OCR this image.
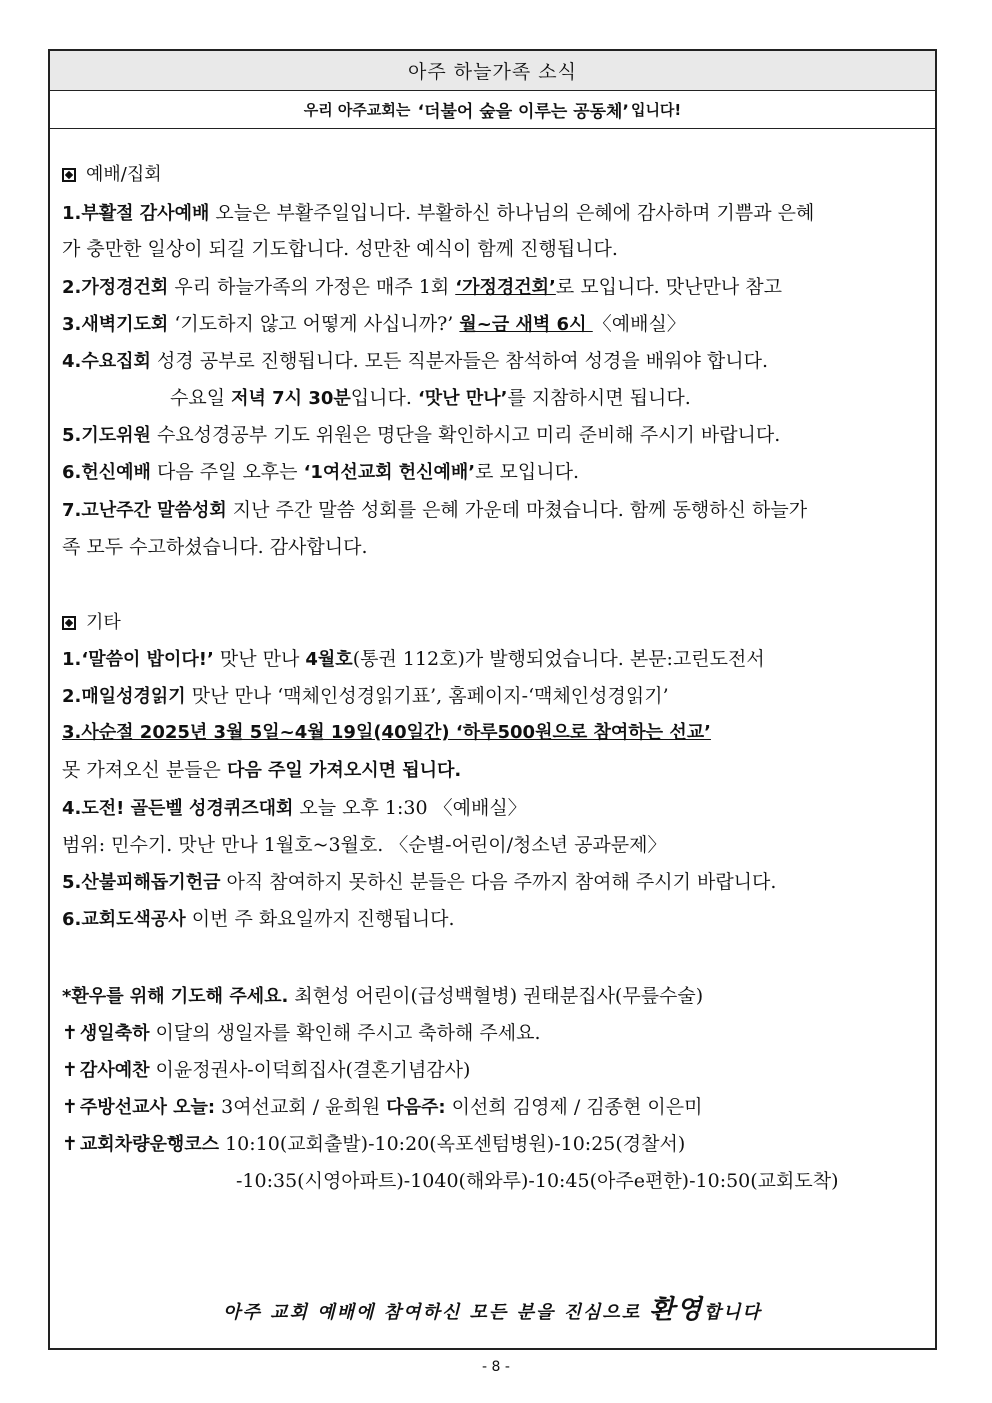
아주 하늘가족 소식
우리 아주교회는
‘더불어 숲을 이루는 공동체’ 입니다!
예배/집회
1.부활절 감사예배 오늘은 부활주일입니다. 부활하신 하나님의 은혜에 감사하며 기쁨과 은혜
가 충만한 일상이 되길 기도합니다. 성만찬 예식이 함께 진행됩니다.
2.가정경건회 우리 하늘가족의 가정은 매주 1회 ‘가정경건회’로 모입니다. 맛난만나 참고
3.새벽기도회 ‘기도하지 않고 어떻게 사십니까?’ 월~금 새벽 6시 〈예배실〉
4.수요집회 성경 공부로 진행됩니다. 모든 직분자들은 참석하여 성경을 배워야 합니다.
수요일 저녁 7시 30분입니다. ‘맛난 만나’를 지참하시면 됩니다.
5.기도위원 수요성경공부 기도 위원은 명단을 확인하시고 미리 준비해 주시기 바랍니다.
6.헌신예배 다음 주일 오후는 ‘1여선교회 헌신예배’로 모입니다.
7.고난주간 말씀성회 지난 주간 말씀 성회를 은혜 가운데 마쳤습니다. 함께 동행하신 하늘가
족 모두 수고하셨습니다. 감사합니다.
기타
1.‘말씀이 밥이다!’ 맛난 만나 4월호(통권 112호)가 발행되었습니다. 본문:고린도전서
2.매일성경읽기 맛난 만나 ‘맥체인성경읽기표’, 홈페이지-‘맥체인성경읽기’
3.사순절 2025년 3월 5일~4월 19일(40일간) ‘하루500원으로 참여하는 선교’
못 가져오신 분들은 다음 주일 가져오시면 됩니다.
4.도전! 골든벨 성경퀴즈대회 오늘 오후 1:30 〈예배실〉
범위: 민수기. 맛난 만나 1월호~3월호. 〈순별-어린이/청소년 공과문제〉
5.산불피해돕기헌금 아직 참여하지 못하신 분들은 다음 주까지 참여해 주시기 바랍니다.
6.교회도색공사 이번 주 화요일까지 진행됩니다.
*환우를 위해 기도해 주세요. 최현성 어린이(급성백혈병) 권태분집사(무릎수술)
✝ 생일축하 이달의 생일자를 확인해 주시고 축하해 주세요.
✝ 감사예찬 이윤정권사-이덕희집사(결혼기념감사)
✝ 주방선교사 오늘: 3여선교회 / 윤희원 다음주: 이선희 김영제 / 김종현 이은미
✝ 교회차량운행코스 10:10(교회출발)-10:20(옥포센텀병원)-10:25(경찰서)
-10:35(시영아파트)-1040(해와루)-10:45(아주e편한)-10:50(교회도착)
아주 교회 예배에 참여하신 모든 분을 진심으로 환영합니다
- 8 -
